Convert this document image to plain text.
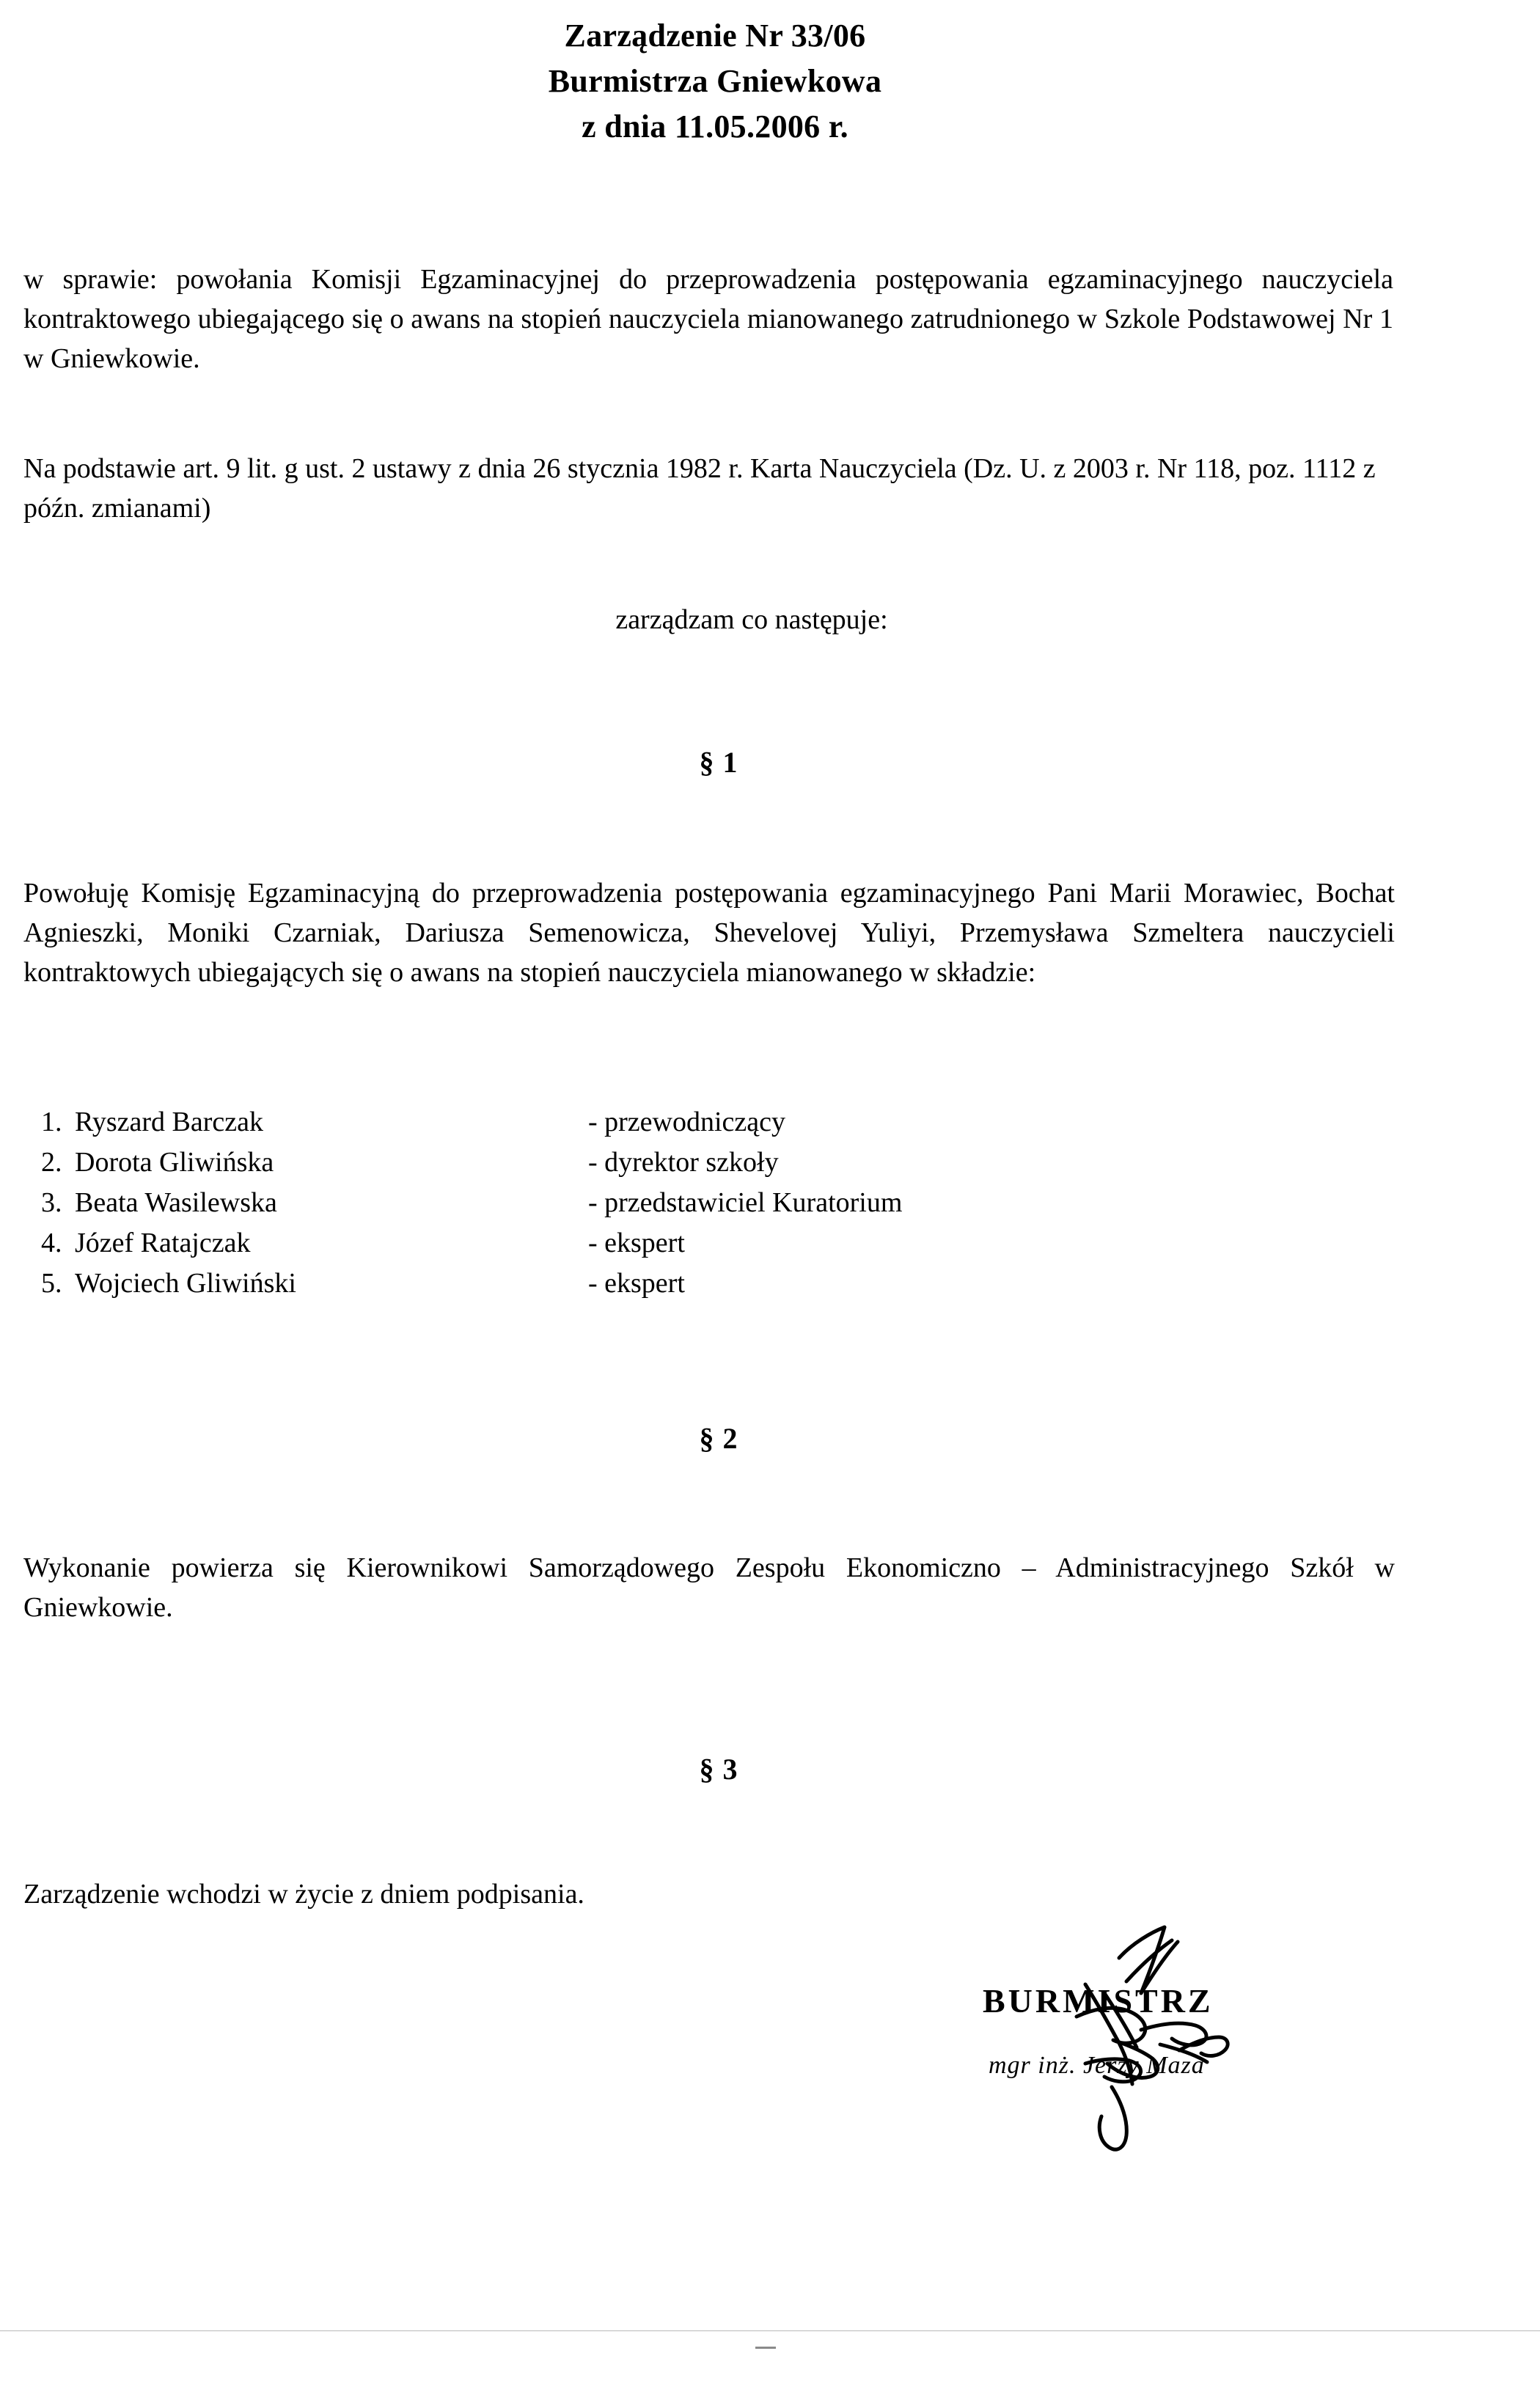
Zarządzenie Nr 33/06
Burmistrza Gniewkowa
z dnia 11.05.2006 r.
w sprawie: powołania Komisji Egzaminacyjnej do przeprowadzenia postępowania egzaminacyjnego nauczyciela kontraktowego ubiegającego się o awans na stopień nauczyciela mianowanego zatrudnionego w Szkole Podstawowej Nr 1 w Gniewkowie.
Na podstawie art. 9 lit. g ust. 2 ustawy z dnia 26 stycznia 1982 r. Karta Nauczyciela (Dz. U. z 2003 r. Nr 118, poz. 1112 z późn. zmianami)
zarządzam co następuje:
§ 1
Powołuję Komisję Egzaminacyjną do przeprowadzenia postępowania egzaminacyjnego Pani Marii Morawiec, Bochat Agnieszki, Moniki Czarniak, Dariusza Semenowicza, Shevelovej Yuliyi, Przemysława Szmeltera nauczycieli kontraktowych ubiegających się o awans na stopień nauczyciela mianowanego w składzie:
1. Ryszard Barczak	- przewodniczący
2. Dorota Gliwińska	- dyrektor szkoły
3. Beata Wasilewska	- przedstawiciel Kuratorium
4. Józef Ratajczak	- ekspert
5. Wojciech Gliwiński	- ekspert
§ 2
Wykonanie powierza się Kierownikowi Samorządowego Zespołu Ekonomiczno – Administracyjnego Szkół w Gniewkowie.
§ 3
Zarządzenie wchodzi w życie z dniem podpisania.
BURMISTRZ
mgr inż. Jerzy Maza
